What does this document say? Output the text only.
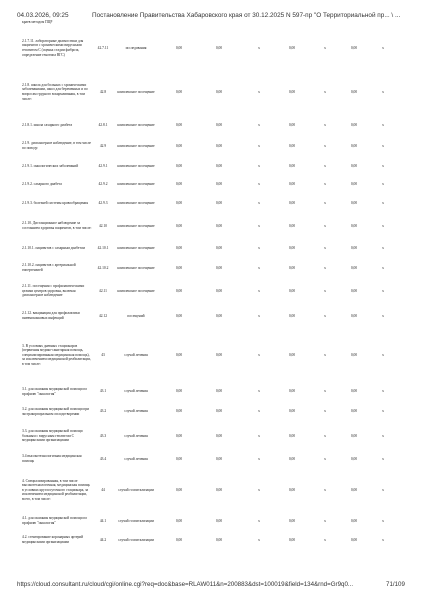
04.03.2026, 09:25	Постановление Правительства Хабаровского края от 30.12.2025 N 597-пр "О Территориальной пр... \ ...
краев методом ПЦР
2.1.7.11. лабораторные диагностики для пациентов с хроническими вирусными гепатитом С (оценка стадии фиброза, определение генотипа ВГС)
42.7.11	исследования	0,00	0,00	х	0,00	х	0,00	х
2.1.8. школа для больных с хроническими заболеваниями, школ для беременных и по вопросам грудного вскармливания, в том числе:
42.8	комплексное посещение	0,00	0,00	х	0,00	х	0,00	х
2.1.8.1. школа сахарного диабета	42.8.1	комплексное посещение	0,00	0,00	х	0,00	х	0,00	х
2.1.9. диспансерное наблюдение, в том числе по поводу:
42.9	комплексное посещение	0,00	0,00	х	0,00	х	0,00	х
2.1.9.1. онкологических заболеваний	42.9.1	комплексное посещение	0,00	0,00	х	0,00	х	0,00	х
2.1.9.2. сахарного диабета	42.9.2	комплексное посещение	0,00	0,00	х	0,00	х	0,00	х
2.1.9.3. болезней системы кровообращения	42.9.3	комплексное посещение	0,00	0,00	х	0,00	х	0,00	х
2.1.10. Дистанционное наблюдение за состоянием здоровья пациентов, в том числе:
42.10	комплексное посещение	0,00	0,00	х	0,00	х	0,00	х
2.1.10.1. пациентов с сахарным диабетом	42.10.1	комплексное посещение	0,00	0,00	х	0,00	х	0,00	х
2.1.10.2. пациентов с артериальной гипертензией
42.10.2	комплексное посещение	0,00	0,00	х	0,00	х	0,00	х
2.1.11. посещения с профилактическими целями центров здоровья, включая диспансерное наблюдение
42.11	комплексное посещение	0,00	0,00	х	0,00	х	0,00	х
2.1.12. вакцинация для профилактики пневмококковых инфекций
42.12	посещений	0,00	0,00	х	0,00	х	0,00	х
3. В условиях дневных стационаров (первичная медико-санитарная помощь, специализированная медицинская помощь), за исключением медицинской реабилитации, в том числе:
43	случай лечения	0,00	0,00	х	0,00	х	0,00	х
3.1. для оказания медицинской помощи по профилю "онкология"
43.1	случай лечения	0,00	0,00	х	0,00	х	0,00	х
3.2. для оказания медицинской помощи при экстракорпоральном оплодотворении
43.2	случай лечения	0,00	0,00	х	0,00	х	0,00	х
3.3. для оказания медицинской помощи больным с вирусным гепатитом С медицинскими организациями
43.3	случай лечения	0,00	0,00	х	0,00	х	0,00	х
3.4 высокотехнологичная медицинская помощь
43.4	случай лечения	0,00	0,00	х	0,00	х	0,00	х
4. Специализированная, в том числе высокотехнологичная, медицинская помощь в условиях круглосуточного стационара, за исключением медицинской реабилитации, всего, в том числе:
44	случай госпитализации	0,00	0,00	х	0,00	х	0,00	х
4.1. для оказания медицинской помощи по профилю "онкология"
44.1	случай госпитализации	0,00	0,00	х	0,00	х	0,00	х
4.2. стентирование коронарных артерий медицинскими организациями
44.2	случай госпитализации	0,00	0,00	х	0,00	х	0,00	х
https://cloud.consultant.ru/cloud/cgi/online.cgi?req=doc&base=RLAW011&n=200883&dst=100019&field=134&rnd=Gr9q0...	71/109
